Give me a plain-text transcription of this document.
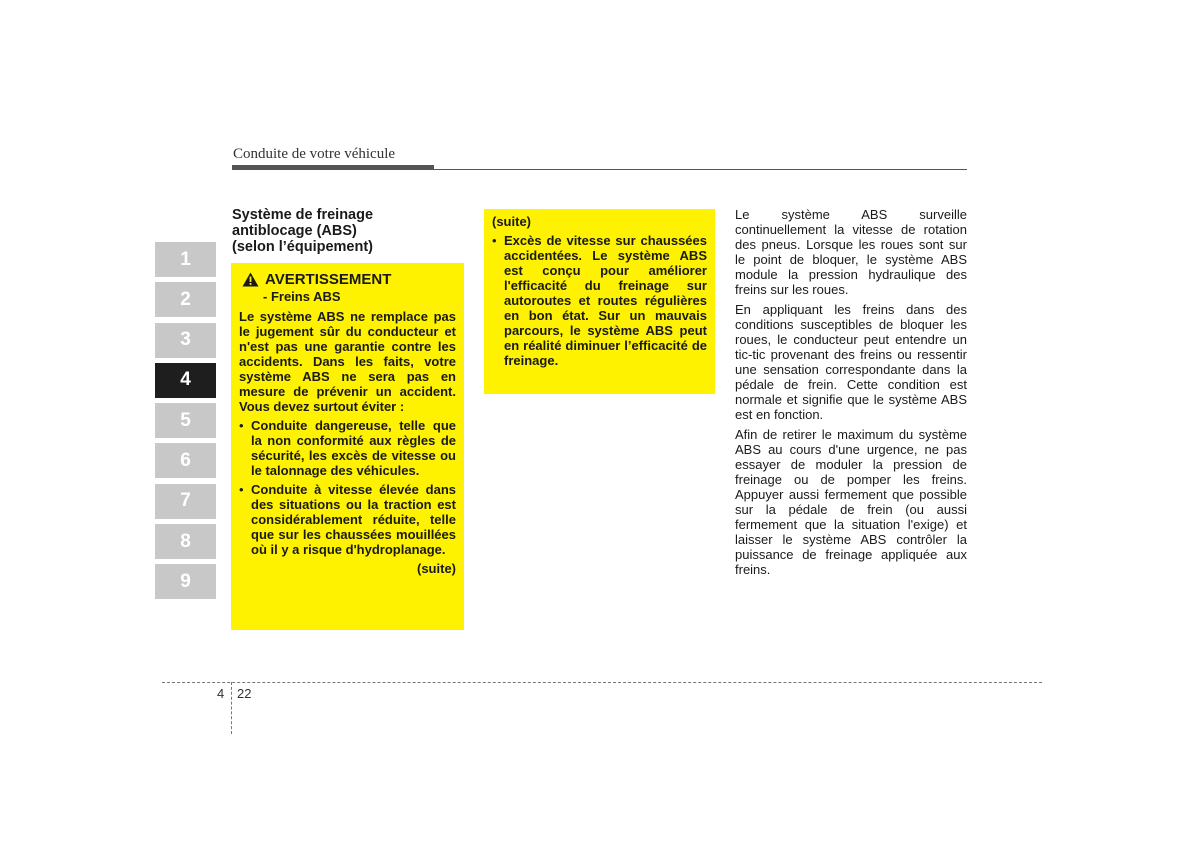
Conduite de votre véhicule
1
2
3
4
5
6
7
8
9
Système de freinage
antiblocage (ABS)
(selon l’équipement)
AVERTISSEMENT
- Freins ABS

Le système ABS ne remplace pas le jugement sûr du conducteur et n'est pas une garantie contre les accidents. Dans les faits, votre système ABS ne sera pas en mesure de prévenir un accident. Vous devez surtout éviter :

• Conduite dangereuse, telle que la non conformité aux règles de sécurité, les excès de vitesse ou le talonnage des véhicules.
• Conduite à vitesse élevée dans des situations ou la traction est considérablement réduite, telle que sur les chaussées mouillées où il y a risque d'hydroplanage.
(suite)
(suite)
• Excès de vitesse sur chaussées accidentées. Le système ABS est conçu pour améliorer l'efficacité du freinage sur autoroutes et routes régulières en bon état. Sur un mauvais parcours, le système ABS peut en réalité diminuer l’efficacité de freinage.

Le système ABS surveille continuellement la vitesse de rotation des pneus. Lorsque les roues sont sur le point de bloquer, le système ABS module la pression hydraulique des freins sur les roues.

En appliquant les freins dans des conditions susceptibles de bloquer les roues, le conducteur peut entendre un tic-tic provenant des freins ou ressentir une sensation correspondante dans la pédale de frein. Cette condition est normale et signifie que le système ABS est en fonction.

Afin de retirer le maximum du système ABS au cours d'une urgence, ne pas essayer de moduler la pression de freinage ou de pomper les freins. Appuyer aussi fermement que possible sur la pédale de frein (ou aussi fermement que la situation l'exige) et laisser le système ABS contrôler la puissance de freinage appliquée aux freins.

4 22
